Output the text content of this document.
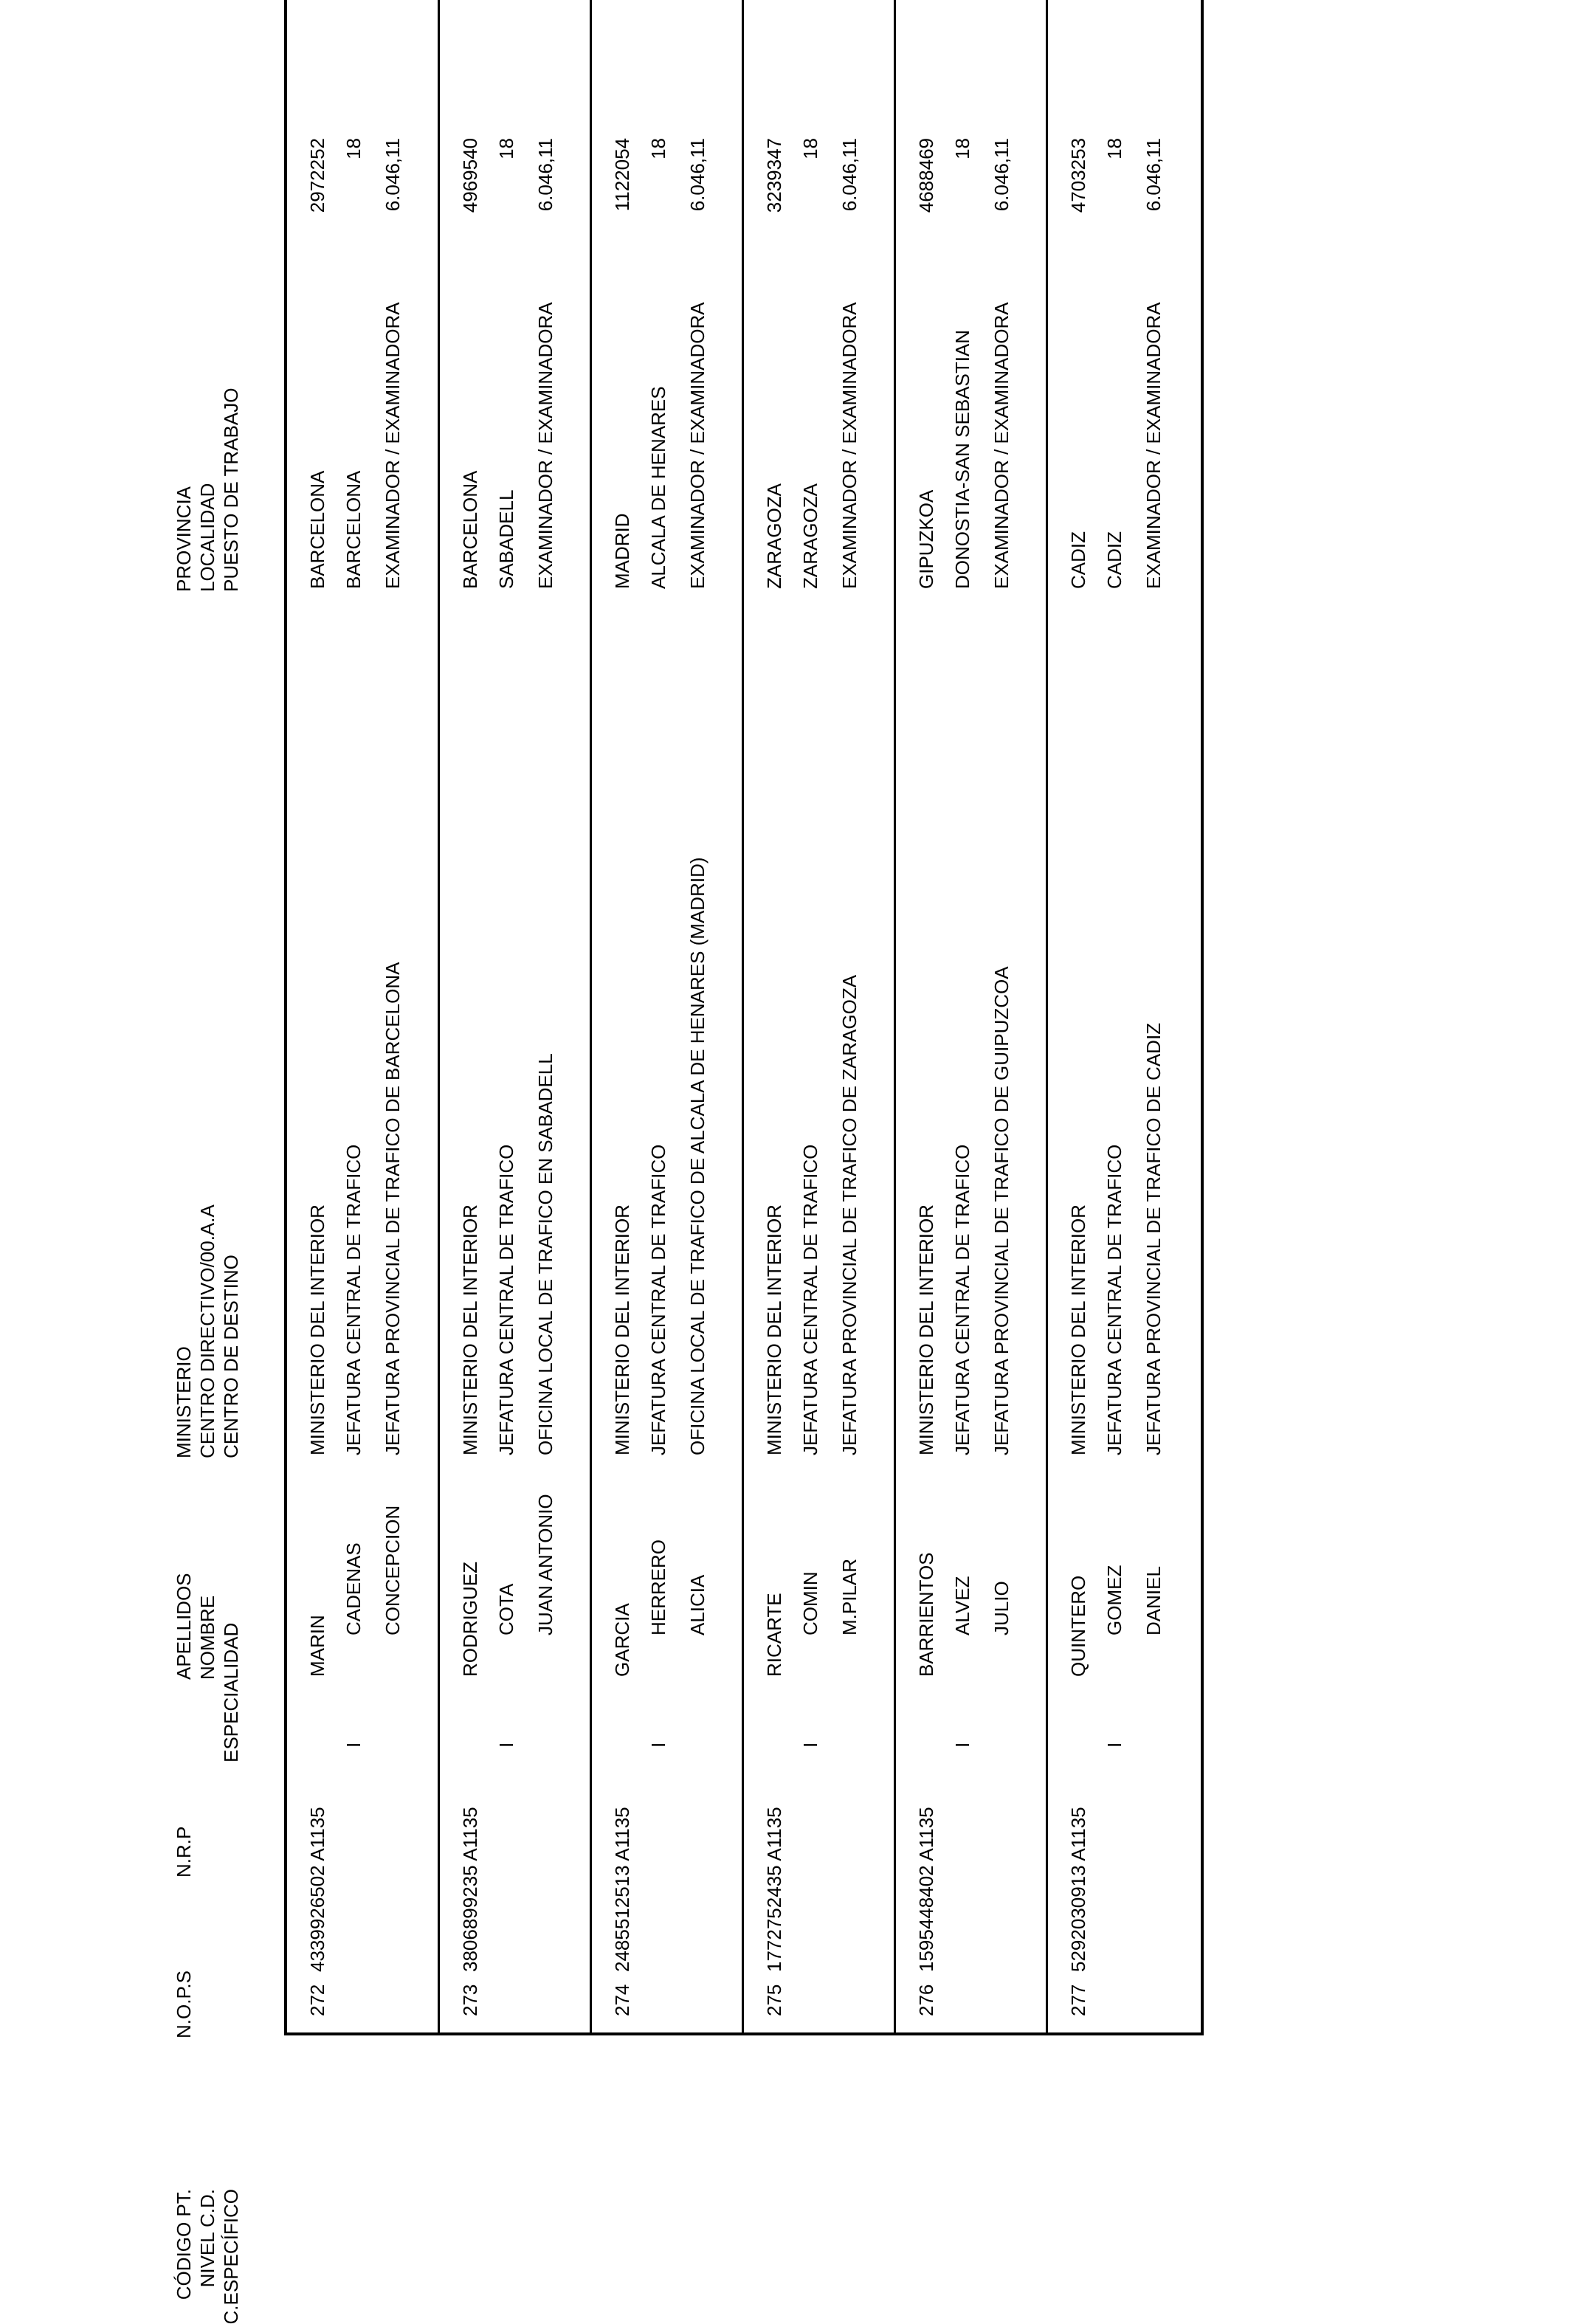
N.O.P.S
N.R.P
ESPECIALIDAD
APELLIDOS NOMBRE
MINISTERIO CENTRO DIRECTIVO/00.A.A CENTRO DE DESTINO
PROVINCIA LOCALIDAD PUESTO DE TRABAJO
CÓDIGO PT. NIVEL C.D. C.ESPECÍFICO
272
4339926502 A1135
I
MARIN
CADENAS CONCEPCION
MINISTERIO DEL INTERIOR JEFATURA CENTRAL DE TRAFICO JEFATURA PROVINCIAL DE TRAFICO DE BARCELONA
BARCELONA BARCELONA EXAMINADOR / EXAMINADORA
2972252 18 6.046,11
273
3806899235 A1135
I
RODRIGUEZ COTA JUAN ANTONIO
MINISTERIO DEL INTERIOR JEFATURA CENTRAL DE TRAFICO OFICINA LOCAL DE TRAFICO EN SABADELL
BARCELONA SABADELL EXAMINADOR / EXAMINADORA
4969540 18 6.046,11
274
2485512513 A1135
I
GARCIA
HERRERO ALICIA
MINISTERIO DEL INTERIOR JEFATURA CENTRAL DE TRAFICO OFICINA LOCAL DE TRAFICO DE ALCALA DE HENARES (MADRID)
MADRID ALCALA DE HENARES EXAMINADOR / EXAMINADORA
1122054 18 6.046,11
275
1772752435 A1135
I
RICARTE COMIN M.PILAR
MINISTERIO DEL INTERIOR JEFATURA CENTRAL DE TRAFICO JEFATURA PROVINCIAL DE TRAFICO DE ZARAGOZA
ZARAGOZA ZARAGOZA EXAMINADOR / EXAMINADORA
3239347 18 6.046,11
276
1595448402 A1135
I
BARRIENTOS ALVEZ JULIO
MINISTERIO DEL INTERIOR JEFATURA CENTRAL DE TRAFICO JEFATURA PROVINCIAL DE TRAFICO DE GUIPUZCOA
GIPUZKOA DONOSTIA-SAN SEBASTIAN EXAMINADOR / EXAMINADORA
4688469 18 6.046,11
277
5292030913 A1135
I
QUINTERO GOMEZ DANIEL
MINISTERIO DEL INTERIOR JEFATURA CENTRAL DE TRAFICO JEFATURA PROVINCIAL DE TRAFICO DE CADIZ
CADIZ CADIZ EXAMINADOR / EXAMINADORA
4703253 18 6.046,11
